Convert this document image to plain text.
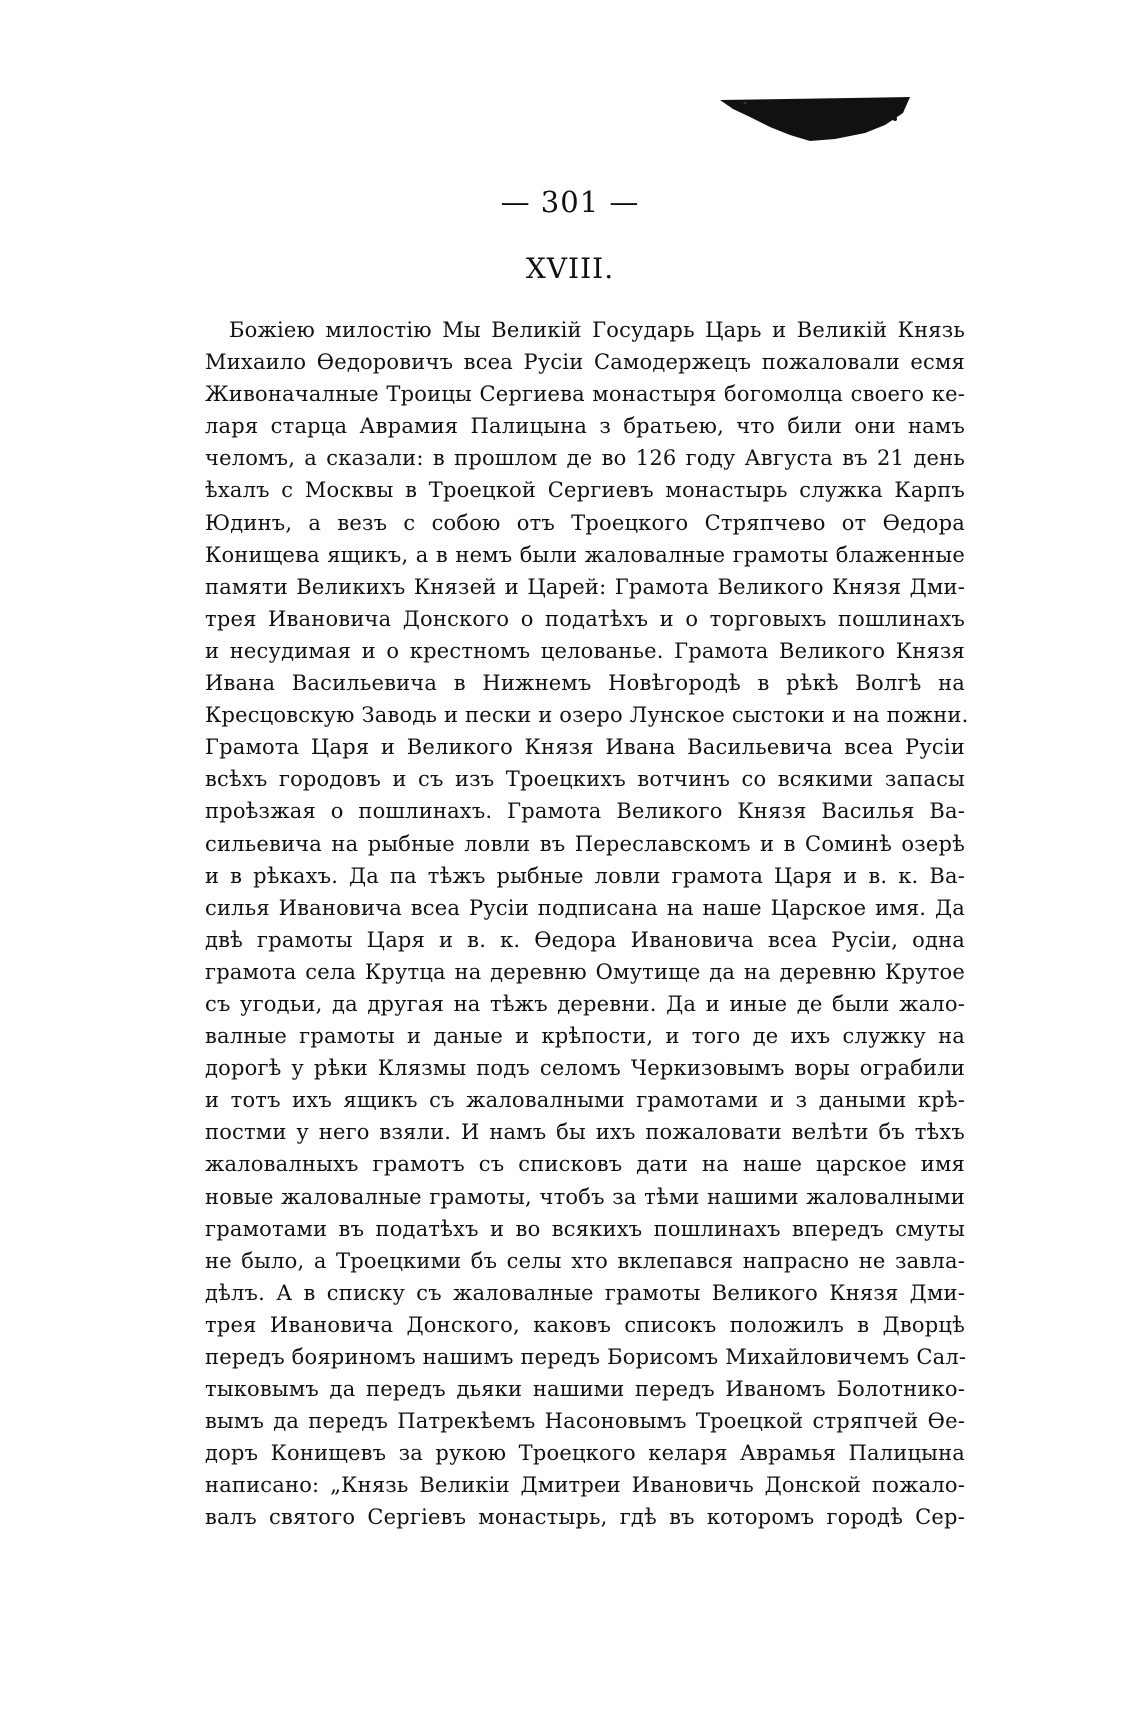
— 301 —
XVIII.
Божiею милостiю Мы Великiй Государь Царь и Великiй Князь
Михаило Ѳедоровичъ всеа Русiи Самодержецъ пожаловали есмя
Живоначалные Троицы Сергиева монастыря богомолца своего ке-
ларя старца Аврамия Палицына з братьею, что били они намъ
челомъ, а сказали: в прошлом де во 126 году Августа въ 21 день
ѣхалъ с Москвы в Троецкой Сергиевъ монастырь служка Карпъ
Юдинъ, а везъ с собою отъ Троецкого Стряпчево от Ѳедора
Конищева ящикъ, а в немъ были жаловалные грамоты блаженные
памяти Великихъ Князей и Царей: Грамота Великого Князя Дми-
трея Ивановича Донского о податѣхъ и о торговыхъ пошлинахъ
и несудимая и о крестномъ целованье. Грамота Великого Князя
Ивана Васильевича в Нижнемъ Новѣгородѣ в рѣкѣ Волгѣ на
Кресцовскую Заводь и пески и озеро Лунское сыстоки и на пожни.
Грамота Царя и Великого Князя Ивана Васильевича всеа Русiи
всѣхъ городовъ и съ изъ Троецкихъ вотчинъ со всякими запасы
проѣзжая о пошлинахъ. Грамота Великого Князя Василья Ва-
сильевича на рыбные ловли въ Переславскомъ и в Соминѣ озерѣ
и в рѣкахъ. Да па тѣжъ рыбные ловли грамота Царя и в. к. Ва-
силья Ивановича всеа Русiи подписана на наше Царское имя. Да
двѣ грамоты Царя и в. к. Ѳедора Ивановича всеа Русiи, одна
грамота села Крутца на деревню Омутище да на деревню Крутое
съ угодьи, да другая на тѣжъ деревни. Да и иные де были жало-
валные грамоты и даные и крѣпости, и того де ихъ служку на
дорогѣ у рѣки Клязмы подъ селомъ Черкизовымъ воры ограбили
и тотъ ихъ ящикъ съ жаловалными грамотами и з даными крѣ-
постми у него взяли. И намъ бы ихъ пожаловати велѣти бъ тѣхъ
жаловалныхъ грамотъ съ списковъ дати на наше царское имя
новые жаловалные грамоты, чтобъ за тѣми нашими жаловалными
грамотами въ податѣхъ и во всякихъ пошлинахъ впередъ смуты
не было, а Троецкими бъ селы хто вклепався напрасно не завла-
дѣлъ. А в списку съ жаловалные грамоты Великого Князя Дми-
трея Ивановича Донского, каковъ списокъ положилъ в Дворцѣ
передъ бояриномъ нашимъ передъ Борисомъ Михайловичемъ Сал-
тыковымъ да передъ дьяки нашими передъ Иваномъ Болотнико-
вымъ да передъ Патрекѣемъ Насоновымъ Троецкой стряпчей Ѳе-
доръ Конищевъ за рукою Троецкого келаря Аврамья Палицына
написано: „Князь Великiи Дмитреи Ивановичь Донской пожало-
валъ святого Сергiевъ монастырь, гдѣ въ которомъ городѣ Сер-
